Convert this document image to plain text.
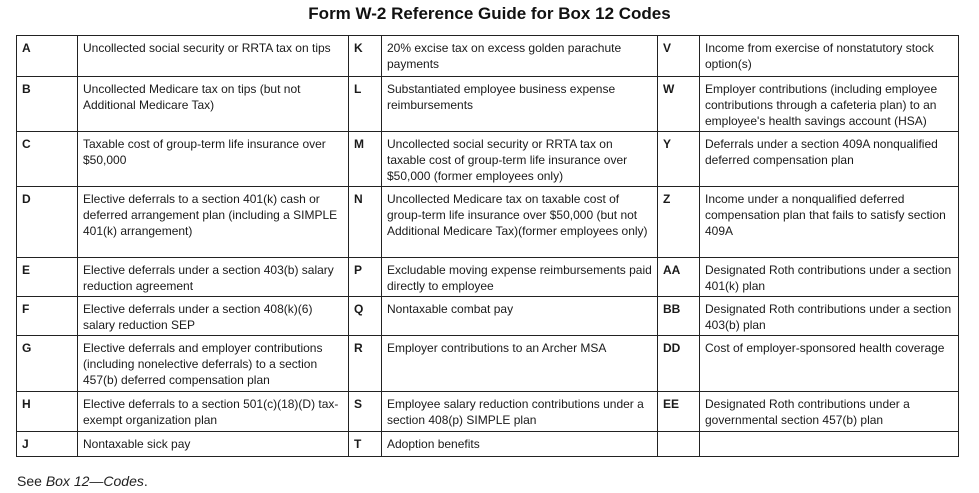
Form W-2 Reference Guide for Box 12 Codes
A	Uncollected social security or RRTA tax on tips	K	20% excise tax on excess golden parachute payments	V	Income from exercise of nonstatutory stock option(s)
B	Uncollected Medicare tax on tips (but not Additional Medicare Tax)	L	Substantiated employee business expense reimbursements	W	Employer contributions (including employee contributions through a cafeteria plan) to an employee's health savings account (HSA)
C	Taxable cost of group-term life insurance over $50,000	M	Uncollected social security or RRTA tax on taxable cost of group-term life insurance over $50,000 (former employees only)	Y	Deferrals under a section 409A nonqualified deferred compensation plan
D	Elective deferrals to a section 401(k) cash or deferred arrangement plan (including a SIMPLE 401(k) arrangement)	N	Uncollected Medicare tax on taxable cost of group-term life insurance over $50,000 (but not Additional Medicare Tax)(former employees only)	Z	Income under a nonqualified deferred compensation plan that fails to satisfy section 409A
E	Elective deferrals under a section 403(b) salary reduction agreement	P	Excludable moving expense reimbursements paid directly to employee	AA	Designated Roth contributions under a section 401(k) plan
F	Elective deferrals under a section 408(k)(6) salary reduction SEP	Q	Nontaxable combat pay	BB	Designated Roth contributions under a section 403(b) plan
G	Elective deferrals and employer contributions (including nonelective deferrals) to a section 457(b) deferred compensation plan	R	Employer contributions to an Archer MSA	DD	Cost of employer-sponsored health coverage
H	Elective deferrals to a section 501(c)(18)(D) tax-exempt organization plan	S	Employee salary reduction contributions under a section 408(p) SIMPLE plan	EE	Designated Roth contributions under a governmental section 457(b) plan
J	Nontaxable sick pay	T	Adoption benefits		
See Box 12—Codes.
